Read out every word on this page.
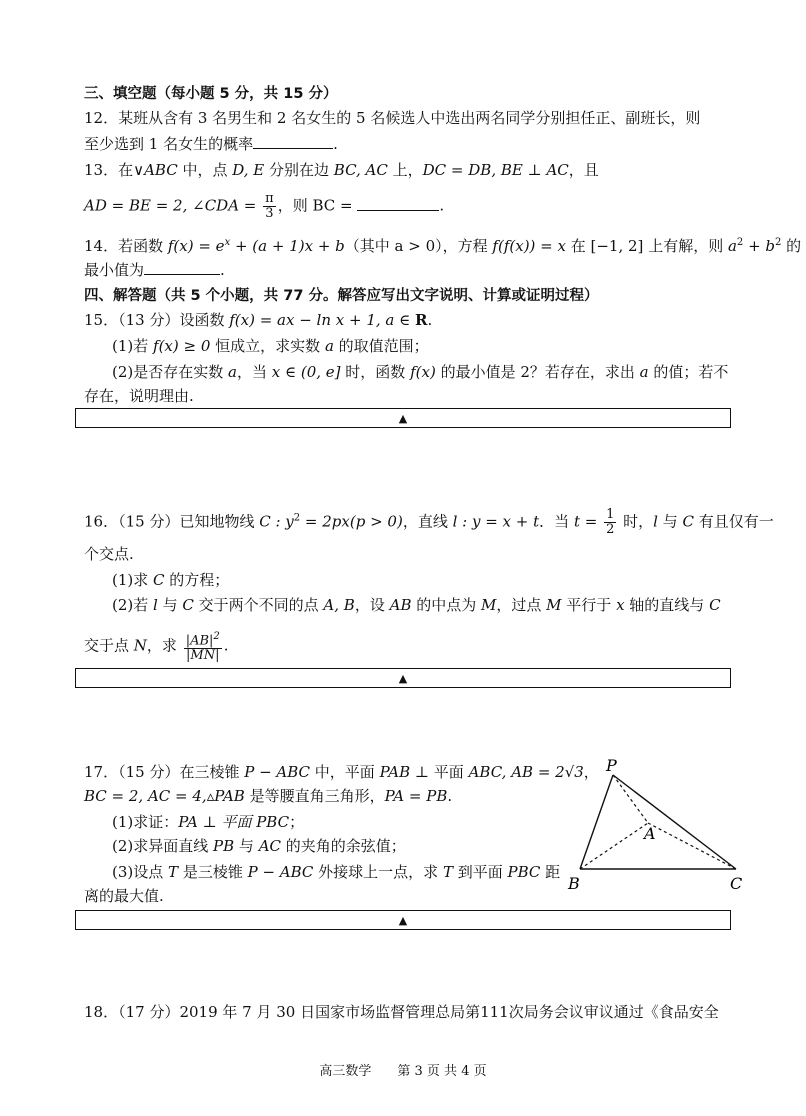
三、填空题（每小题 5 分，共 15 分）
12．某班从含有 3 名男生和 2 名女生的 5 名候选人中选出两名同学分别担任正、副班长，则
至少选到 1 名女生的概率	.
13．在∨ABC 中，点 D, E 分别在边 BC, AC 上，DC = DB, BE ⊥ AC，且
AD = BE = 2, ∠CDA = $\frac{\pi}{3}$ ，则 BC =	.
14．若函数 $f(x) = e^x + (a + 1)x + b$（其中 a > 0），方程 f(f(x)) = x 在 [−1, 2] 上有解，则 $a^2 + b^2$ 的
最小值为	.
四、解答题（共 5 个小题，共 77 分。解答应写出文字说明、计算或证明过程）
15．（13 分）设函数 f(x) = ax − ln x + 1, a ∈ R.
(1)若 f(x) ≥ 0 恒成立，求实数 a 的取值范围；
(2)是否存在实数 a，当 x ∈ (0, e] 时，函数 f(x) 的最小值是 2？若存在，求出 a 的值；若不
存在，说明理由.
▲
16．（15 分）已知地物线 C : $y^2 = 2px(p > 0)$，直线 l : y = x + t．当 $t = \frac{1}{2}$ 时，l 与 C 有且仅有一
个交点.
(1)求 C 的方程；
(2)若 l 与 C 交于两个不同的点 A, B，设 AB 的中点为 M，过点 M 平行于 x 轴的直线与 C
交于点 N，求 $\frac{|AB|^2}{|MN|}$ .
▲
17．（15 分）在三棱锥 P − ABC 中，平面 PAB ⊥ 平面 ABC, AB = 2√3，
BC = 2, AC = 4,▵PAB 是等腰直角三角形，PA = PB.
(1)求证：PA ⊥ 平面 PBC；
(2)求异面直线 PB 与 AC 的夹角的余弦值；
(3)设点 T 是三棱锥 P − ABC 外接球上一点，求 T 到平面 PBC 距
离的最大值.
P
A
B	C
▲
18．（17 分）2019 年 7 月 30 日国家市场监督管理总局第111次局务会议审议通过《食品安全
高三数学　　第 3 页 共 4 页
